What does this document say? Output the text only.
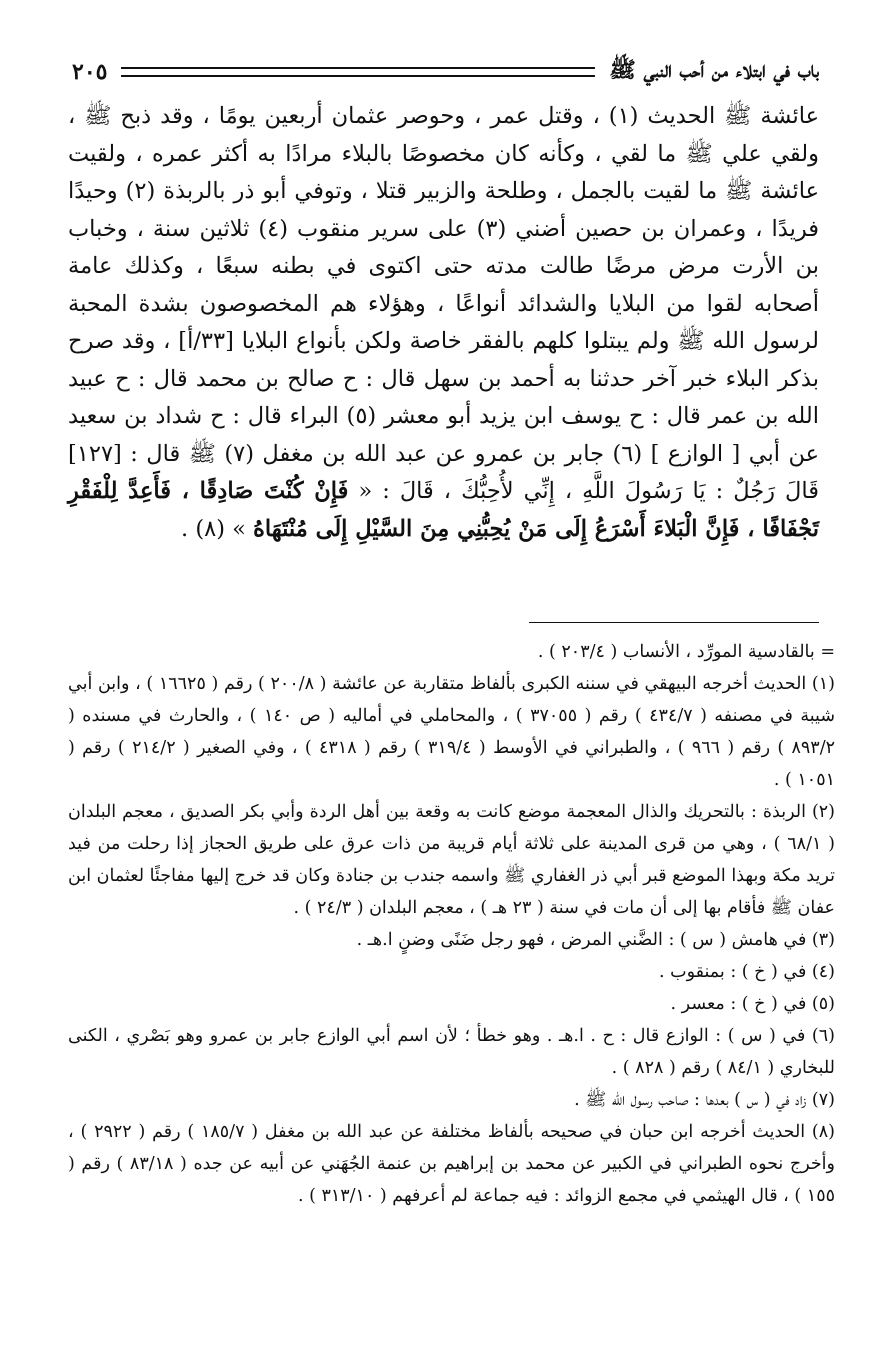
باب في ابتلاء من أحب النبي ﷺ
٢٠٥

عائشة ﷺ الحديث (١) ، وقتل عمر ، وحوصر عثمان أربعين يومًا ، وقد ذبح ﷺ ، ولقي علي ﷺ ما لقي ، وكأنه كان مخصوصًا بالبلاء مرادًا به أكثر عمره ، ولقيت عائشة ﷺ ما لقيت بالجمل ، وطلحة والزبير قتلا ، وتوفي أبو ذر بالربذة (٢) وحيدًا فريدًا ، وعمران بن حصين أضني (٣) على سرير منقوب (٤) ثلاثين سنة ، وخباب بن الأرت مرض مرضًا طالت مدته حتى اكتوى في بطنه سبعًا ، وكذلك عامة أصحابه لقوا من البلايا والشدائد أنواعًا ، وهؤلاء هم المخصوصون بشدة المحبة لرسول الله ﷺ ولم يبتلوا كلهم بالفقر خاصة ولكن بأنواع البلايا [٣٣/أ] ، وقد صرح بذكر البلاء خبر آخر حدثنا به أحمد بن سهل قال : ح صالح بن محمد قال : ح عبيد الله بن عمر قال : ح يوسف ابن يزيد أبو معشر (٥) البراء قال : ح شداد بن سعيد عن أبي [ الوازع ] (٦) جابر بن عمرو عن عبد الله بن مغفل (٧) ﷺ قال : [١٢٧] قَالَ رَجُلٌ : يَا رَسُولَ اللَّهِ ، إِنِّي لأُحِبُّكَ ، قَالَ : « فَإِنْ كُنْتَ صَادِقًا ، فَأَعِدَّ لِلْفَقْرِ تَجْفَافًا ، فَإِنَّ الْبَلاءَ أَسْرَعُ إِلَى مَنْ يُحِبُّنِي مِنَ السَّيْلِ إِلَى مُنْتَهَاهُ » (٨) .

= بالقادسية المورِّد ، الأنساب ( ٢٠٣/٤ ) .

(١) الحديث أخرجه البيهقي في سننه الكبرى بألفاظ متقاربة عن عائشة ( ٢٠٠/٨ ) رقم ( ١٦٦٢٥ ) ، وابن أبي شيبة في مصنفه ( ٤٣٤/٧ ) رقم ( ٣٧٠٥٥ ) ، والمحاملي في أماليه ( ص ١٤٠ ) ، والحارث في مسنده ( ٨٩٣/٢ ) رقم ( ٩٦٦ ) ، والطبراني في الأوسط ( ٣١٩/٤ ) رقم ( ٤٣١٨ ) ، وفي الصغير ( ٢١٤/٢ ) رقم ( ١٠٥١ ) .

(٢) الربذة : بالتحريك والذال المعجمة موضع كانت به وقعة بين أهل الردة وأبي بكر الصديق ، معجم البلدان ( ٦٨/١ ) ، وهي من قرى المدينة على ثلاثة أيام قريبة من ذات عرق على طريق الحجاز إذا رحلت من فيد تريد مكة وبهذا الموضع قبر أبي ذر الغفاري ﷺ واسمه جندب بن جنادة وكان قد خرج إليها مفاجئًا لعثمان ابن عفان ﷺ فأقام بها إلى أن مات في سنة ( ٢٣ هـ ) ، معجم البلدان ( ٢٤/٣ ) .

(٣) في هامش ( س ) : الضَّني المرض ، فهو رجل ضَنًى وضنٍ ا.هـ .

(٤) في ( خ ) : بمنقوب .

(٥) في ( خ ) : معسر .

(٦) في ( س ) : الوازع قال : ح . ا.هـ . وهو خطأ ؛ لأن اسم أبي الوازع جابر بن عمرو وهو بَصْري ، الكنى للبخاري ( ٨٤/١ ) رقم ( ٨٢٨ ) .

(٧) زاد في ( س ) بعدها : صاحب رسول الله ﷺ .

(٨) الحديث أخرجه ابن حبان في صحيحه بألفاظ مختلفة عن عبد الله بن مغفل ( ١٨٥/٧ ) رقم ( ٢٩٢٢ ) ، وأخرج نحوه الطبراني في الكبير عن محمد بن إبراهيم بن عنمة الجُهَني عن أبيه عن جده ( ٨٣/١٨ ) رقم ( ١٥٥ ) ، قال الهيثمي في مجمع الزوائد : فيه جماعة لم أعرفهم ( ٣١٣/١٠ ) .
